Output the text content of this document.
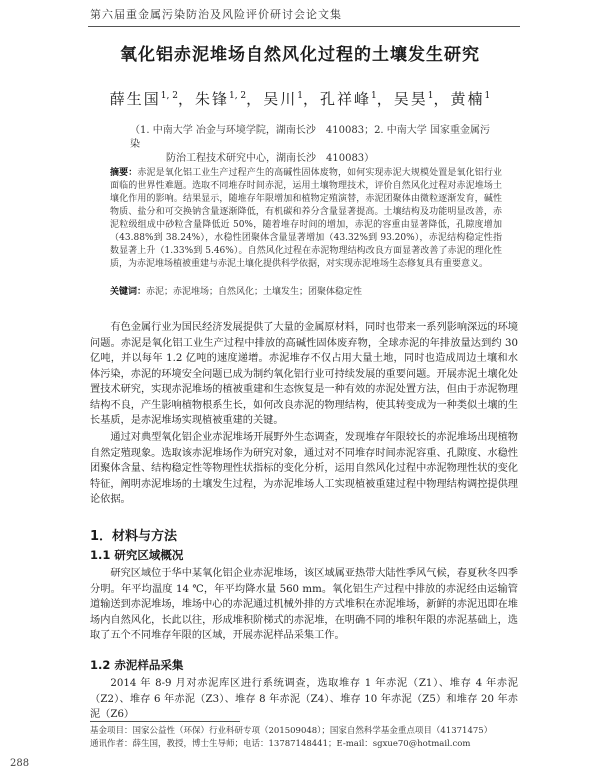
第六届重金属污染防治及风险评价研讨会论文集
氧化铝赤泥堆场自然风化过程的土壤发生研究
薛生国$^{1, 2}$，朱锋$^{1, 2}$，吴川$^1$，孔祥峰$^1$，吴昊$^1$，黄楠$^1$
（1. 中南大学 冶金与环境学院，湖南长沙　410083；2. 中南大学 国家重金属污染
防治工程技术研究中心，湖南长沙　410083）
摘要：赤泥是氧化铝工业生产过程产生的高碱性固体废物，如何实现赤泥大规模处置是氧化铝行业面临的世界性难题。选取不同堆存时间赤泥，运用土壤物理技术，评价自然风化过程对赤泥堆场土壤化作用的影响。结果显示，随堆存年限增加和植物定殖演替，赤泥团聚体由微粒逐渐发育，碱性物质、盐分和可交换钠含量逐渐降低，有机碳和养分含量显著提高。土壤结构及功能明显改善，赤泥粒级组成中砂粒含量降低近 50%，随着堆存时间的增加，赤泥的容重由显著降低，孔隙度增加（43.88%到 38.24%），水稳性团聚体含量显著增加（43.32%到 93.20%），赤泥结构稳定性指数显著上升（1.33%到 5.46%）。自然风化过程在赤泥物理结构改良方面显著改善了赤泥的理化性质，为赤泥堆场植被重建与赤泥土壤化提供科学依据，对实现赤泥堆场生态修复具有重要意义。
关键词：赤泥；赤泥堆场；自然风化；土壤发生；团聚体稳定性
有色金属行业为国民经济发展提供了大量的金属原材料，同时也带来一系列影响深远的环境问题。赤泥是氧化铝工业生产过程中排放的高碱性固体废弃物，全球赤泥的年排放量达到约 30 亿吨，并以每年 1.2 亿吨的速度递增。赤泥堆存不仅占用大量土地，同时也造成周边土壤和水体污染，赤泥的环境安全问题已成为制约氧化铝行业可持续发展的重要问题。开展赤泥土壤化处置技术研究，实现赤泥堆场的植被重建和生态恢复是一种有效的赤泥处置方法，但由于赤泥物理结构不良，产生影响植物根系生长，如何改良赤泥的物理结构，使其转变成为一种类似土壤的生长基质，是赤泥堆场实现植被重建的关键。
通过对典型氧化铝企业赤泥堆场开展野外生态调查，发现堆存年限较长的赤泥堆场出现植物自然定殖现象。选取该赤泥堆场作为研究对象，通过对不同堆存时间赤泥容重、孔隙度、水稳性团聚体含量、结构稳定性等物理性状指标的变化分析，运用自然风化过程中赤泥物理性状的变化特征，阐明赤泥堆场的土壤发生过程，为赤泥堆场人工实现植被重建过程中物理结构调控提供理论依据。
1．材料与方法
1.1 研究区域概况
研究区域位于华中某氧化铝企业赤泥堆场，该区域属亚热带大陆性季风气候，春夏秋冬四季分明。年平均温度 14 ℃，年平均降水量 560 mm。氧化铝生产过程中排放的赤泥经由运输管道输送到赤泥堆场，堆场中心的赤泥通过机械外排的方式堆积在赤泥堆场，新鲜的赤泥迅即在堆场内自然风化，长此以往，形成堆积阶梯式的赤泥堆，在明确不同的堆积年限的赤泥基础上，选取了五个不同堆存年限的区域，开展赤泥样品采集工作。
1.2 赤泥样品采集
2014 年 8-9 月对赤泥库区进行系统调查，选取堆存 1 年赤泥（Z1）、堆存 4 年赤泥（Z2）、堆存 6 年赤泥（Z3）、堆存 8 年赤泥（Z4）、堆存 10 年赤泥（Z5）和堆存 20 年赤泥（Z6）
基金项目：国家公益性（环保）行业科研专项（201509048）；国家自然科学基金重点项目（41371475）
通讯作者：薛生国，教授，博士生导师；电话：13787148441；E-mail：sgxue70@hotmail.com
288
